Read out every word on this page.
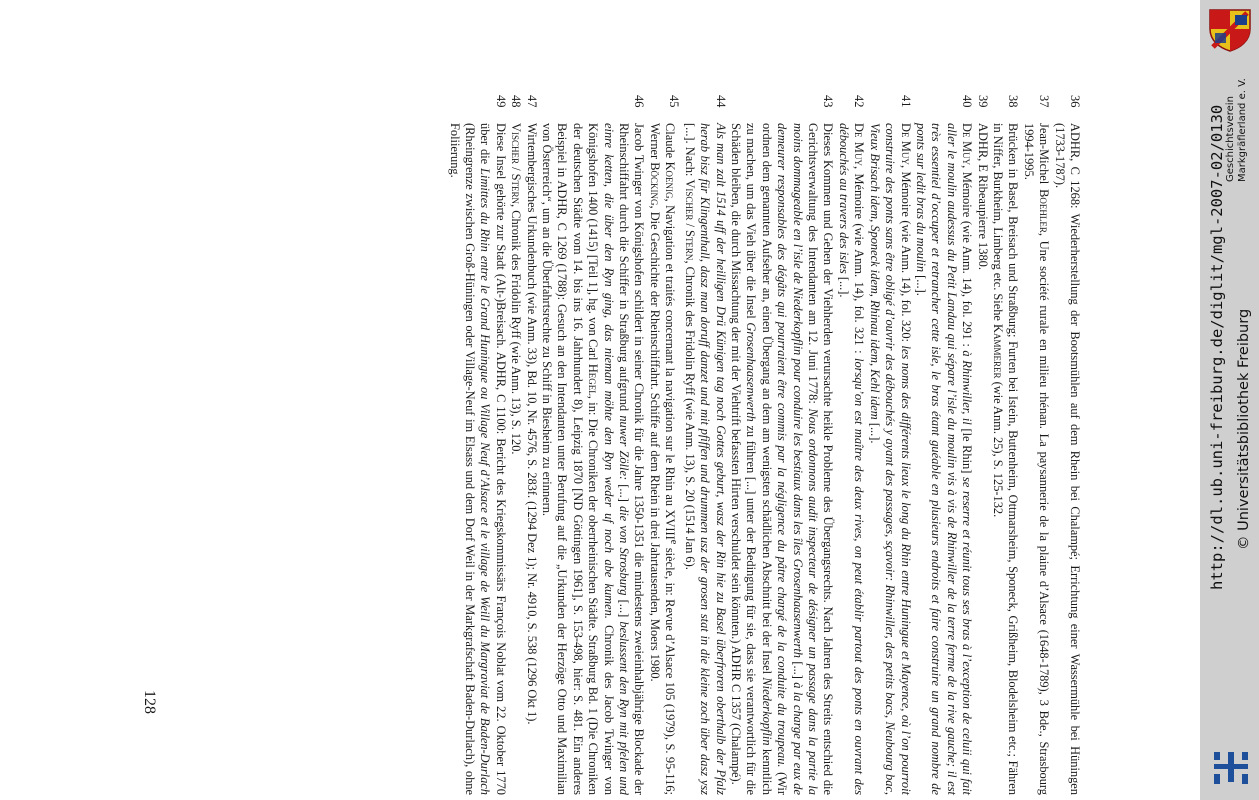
36
ADHR, C 1268: Wiederherstellung der Bootsmühlen auf dem Rhein bei Chalampé; Errichtung einer Wassermühle bei Hüningen (1733-1787).

37
Jean-Michel Boehler, Une société rurale en milieu rhénan. La paysannerie de la plaine d’Alsace (1648-1789), 3 Bde., Strasbourg 1994-1995.

38
Brücken in Basel, Breisach und Straßburg; Furten bei Istein, Buttenheim, Ottmarsheim, Sponeck, Grißheim, Blodelsheim etc.; Fähren in Niffer, Burkheim, Limberg etc. Siehe Kammerer (wie Anm. 25), S. 125-132.

39
ADHR, E Ribeaupierre 1380.

40
De Muy, Mémoire (wie Anm. 14), fol. 291 : à Rhinwiller, il [le Rhin] se reserre et réunit tous ses bras à l’exception de celuii qui fait aller le moulin audessus du Petit Landau qui sépare l’isle du moulin vis à vis de Rhinwiller de la terre ferme de la rive gauche; il est très essentiel d’occuper et retrancher cette isle, le bras étant guéable en plusieurs endroits et faire construire un grand nombre de ponts sur ledit bras du moulin [...].

41
De Muy, Mémoire (wie Anm. 14), fol. 320: les noms des différents lieux le long du Rhin entre Huningue et Mayence, où l’on pourroit construire des ponts sans être obligé d’ouvrir des débouchés y ayant des passages, sçavoir: Rhinwiller, des petits bacs, Neubourg bac, Vieux Brisach idem, Sponeck idem, Rhinau idem, Kehl idem [...].

42
De Muy, Mémoire (wie Anm. 14), fol. 321 : lorsqu’on est maître des deux rives, on peut établir partout des ponts en ouvrant des débouchés au travers des isles [...].

43
Dieses Kommen und Gehen der Viehherden verursachte heikle Probleme des Übergangsrechts. Nach Jahren des Streits entschied die Gerichtsverwaltung des Intendanten am 12. Juni 1778: Nous ordonnons audit inspecteur de désigner un passage dans la partie la moins dommageable en l’isle de Niederkopflin pour conduire les bestiaux dans les îles Grosenhaasenwerth [...] à la charge par eux de demeurer responsables des dégâts qui pourraient être commis par la négligence du pâtre chargé de la conduite du troupeau. (Wir ordnen dem genannten Aufseher an, einen Übergang an dem am wenigsten schädlichen Abschnitt bei der Insel Niederkopflin kenntlich zu machen, um das Vieh über die Insel Grosenhaasenwerth zu führen [...] unter der Bedingung für sie, dass sie verantwortlich für die Schäden bleiben, die durch Missachtung der mit der Viehtrift befassten Hirten verschuldet sein könnten.) ADHR C 1357 (Chalampé).

44
Als man zalt 1514 uff der heilligen Drü Künigen tag noch Gottes geburt, wasz der Rin hie zu Basel überfroren oberthalb der Pfalz herab bisz für Klingenthall, dasz man doruff danzet und mit pfiffen und drummen usz der grosen stat in die kleine zoch über dasz ysz [...]. Nach: Vischer / Stern, Chronik des Fridolin Ryff (wie Anm. 13), S. 20 (1514 Jan 6).

45
Claude Koenig, Navigation et traités concernant la navigation sur le Rhin au XVIIIe siècle, in: Revue d’Alsace 105 (1979), S. 95-116; Werner Böcking, Die Geschichte der Rheinschiffahrt. Schiffe auf dem Rhein in drei Jahrtausenden, Moers 1980.

46
Jacob Twinger von Königshofen schildert in seiner Chronik für die Jahre 1350-1351 die mindestens zweieinhalbjährige Blockade der Rheinschiffahrt durch die Schiffer in Straßburg aufgrund nuwer Zölle: [...] die von Strosburg [...] beslussent den Ryn mit pfelen und einre ketten, die über den Ryn ging, das nieman möhte den Ryn weder uf noch abe kumen. Chronik des Jacob Twinger von Königshofen 1400 (1415) [Teil 1], hg. von Carl Hegel, in: Die Chroniken der oberrheinischen Städte. Straßburg Bd. 1 (Die Chroniken der deutschen Städte vom 14. bis ins 16. Jahrhundert 8), Leipzig 1870 [ND Göttingen 1961], S. 153-498, hier: S. 481. Ein anderes Beispiel in ADHR, C 1269 (1788): Gesuch an den Intendanten unter Berufung auf die „Urkunden der Herzöge Otto und Maximilian von Österreich“, um an die Überfahrtsrechte zu Schiff in Biesheim zu erinnern.

47
Wirtembergisches Urkundenbuch (wie Anm. 33), Bd. 10, Nr. 4576, S. 283f. (1294 Dez 1); Nr. 4910, S. 538 (1296 Okt 1).

48
Vischer / Stern, Chronik des Fridolin Ryff (wie Anm. 13), S. 120.

49
Diese Insel gehörte zur Stadt (Alt-)Breisach. ADHR, C 1100: Bericht des Kriegskommissärs François Noblat vom 22. Oktober 1770 über die Limittes du Rhin entre le Grand Huningue ou Village Neuf d’Alsace et le village de Weill du Margraviat de Baden-Durlach (Rheingrenze zwischen Groß-Hüningen oder Village-Neuf im Elsass und dem Dorf Weil in der Markgrafschaft Baden-Durlach), ohne Foliierung.

128
Geschichtsverein Markgräflerland e. V.
http://dl.ub.uni-freiburg.de/diglit/mgl-2007-02/0130 © Universitätsbibliothek Freiburg
